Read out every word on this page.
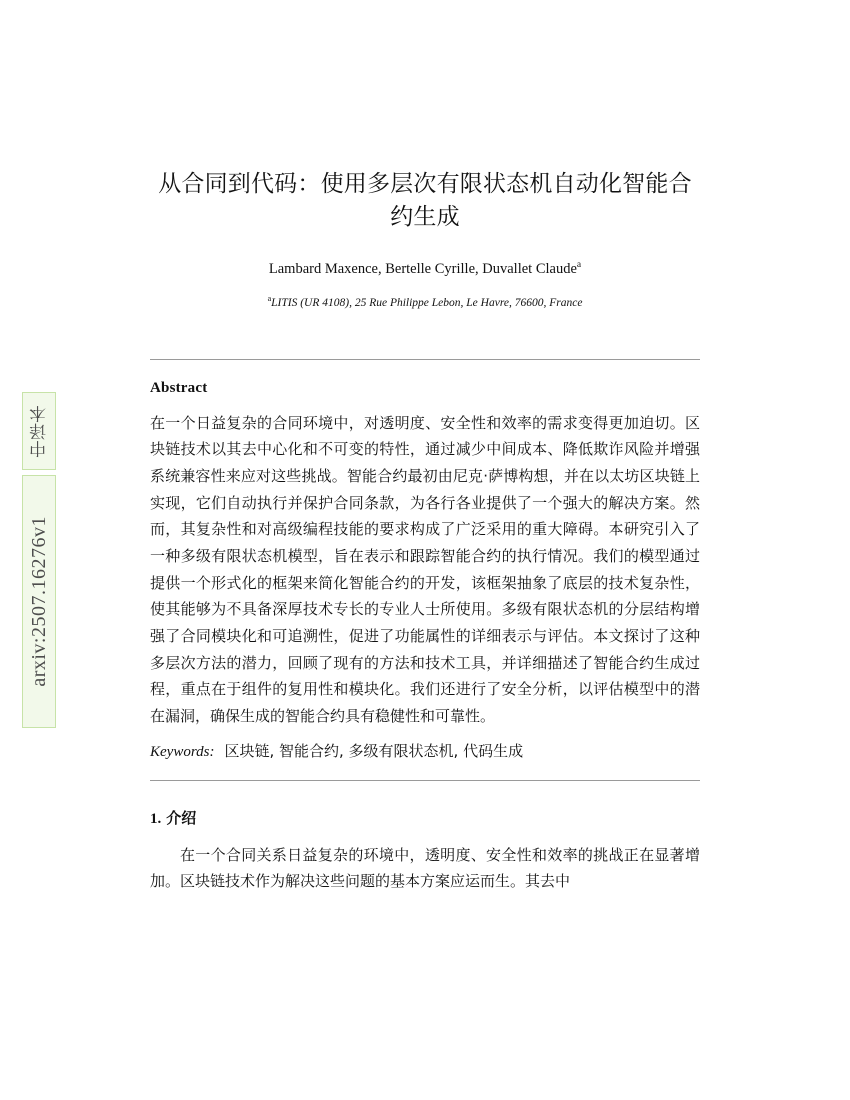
中译本
arxiv:2507.16276v1
从合同到代码：使用多层次有限状态机自动化智能合约生成

Lambard Maxence, Bertelle Cyrille, Duvallet Claude$^a$

$^a$LITIS (UR 4108), 25 Rue Philippe Lebon, Le Havre, 76600, France

Abstract

在一个日益复杂的合同环境中，对透明度、安全性和效率的需求变得更加迫切。区块链技术以其去中心化和不可变的特性，通过减少中间成本、降低欺诈风险并增强系统兼容性来应对这些挑战。智能合约最初由尼克·萨博构想，并在以太坊区块链上实现，它们自动执行并保护合同条款，为各行各业提供了一个强大的解决方案。然而，其复杂性和对高级编程技能的要求构成了广泛采用的重大障碍。本研究引入了一种多级有限状态机模型，旨在表示和跟踪智能合约的执行情况。我们的模型通过提供一个形式化的框架来简化智能合约的开发，该框架抽象了底层的技术复杂性，使其能够为不具备深厚技术专长的专业人士所使用。多级有限状态机的分层结构增强了合同模块化和可追溯性，促进了功能属性的详细表示与评估。本文探讨了这种多层次方法的潜力，回顾了现有的方法和技术工具，并详细描述了智能合约生成过程，重点在于组件的复用性和模块化。我们还进行了安全分析，以评估模型中的潜在漏洞，确保生成的智能合约具有稳健性和可靠性。

Keywords: 区块链, 智能合约, 多级有限状态机, 代码生成

1. 介绍

在一个合同关系日益复杂的环境中，透明度、安全性和效率的挑战正在显著增加。区块链技术作为解决这些问题的基本方案应运而生。其去中
